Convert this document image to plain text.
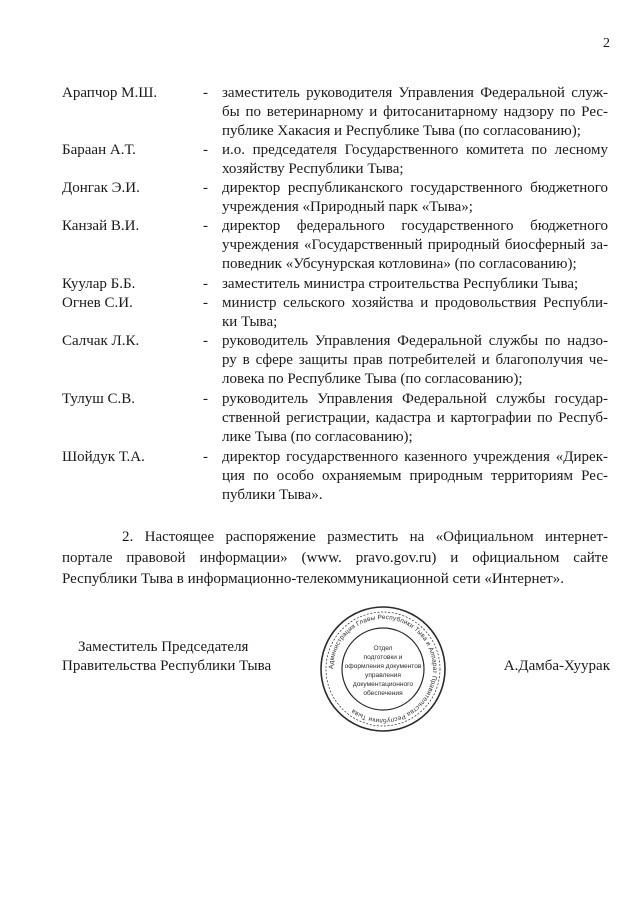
2
Арапчор М.Ш.	- заместитель руководителя Управления Федеральной служ-
бы по ветеринарному и фитосанитарному надзору по Рес-
публике Хакасия и Республике Тыва (по согласованию);
Бараан А.Т.	- и.о. председателя Государственного комитета по лесному
хозяйству Республики Тыва;
Донгак Э.И.	- директор республиканского государственного бюджетного
учреждения «Природный парк «Тыва»;
Канзай В.И.	- директор федерального государственного бюджетного
учреждения «Государственный природный биосферный за-
поведник «Убсунурская котловина» (по согласованию);
Куулар Б.Б.	- заместитель министра строительства Республики Тыва;
Огнев С.И.	- министр сельского хозяйства и продовольствия Республи-
ки Тыва;
Салчак Л.К.	- руководитель Управления Федеральной службы по надзо-
ру в сфере защиты прав потребителей и благополучия че-
ловека по Республике Тыва (по согласованию);
Тулуш С.В.	- руководитель Управления Федеральной службы государ-
ственной регистрации, кадастра и картографии по Респуб-
лике Тыва (по согласованию);
Шойдук Т.А.	- директор государственного казенного учреждения «Дирек-
ция по особо охраняемым природным территориям Рес-
публики Тыва».
2. Настоящее распоряжение разместить на «Официальном интернет-портале правовой информации» (www. pravo.gov.ru) и официальном сайте Республики Тыва в информационно-телекоммуникационной сети «Интернет».
Заместитель Председателя
Правительства Республики Тыва	Администрация Главы Республики Тыва и Аппарат Правительства Республики Тыва
Отдел
подготовки и
оформления документов
управления
документационного
обеспечения
А.Дамба-Хуурак
